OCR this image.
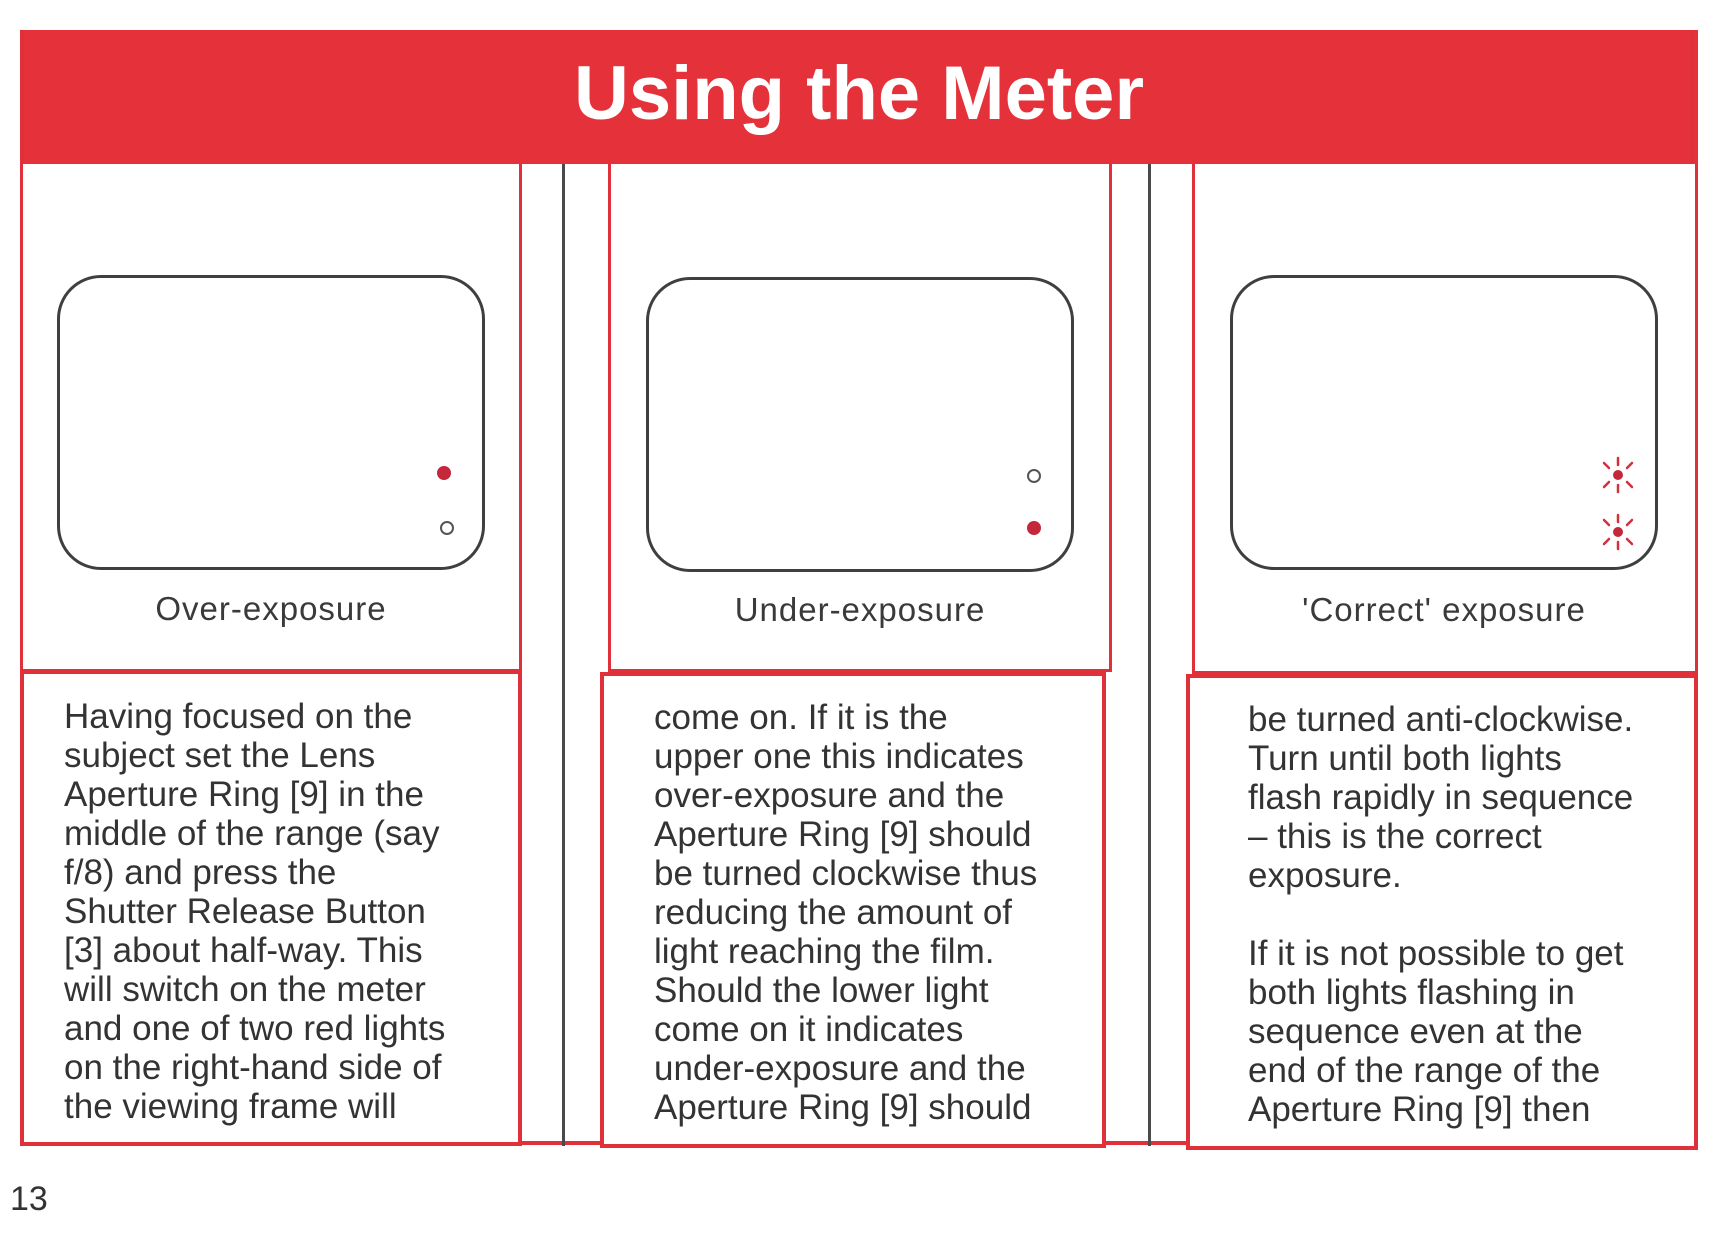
Using the Meter
Over-exposure
Having focused on the
subject set the Lens
Aperture Ring [9] in the
middle of the range (say
f/8) and press the
Shutter Release Button
[3] about half-way. This
will switch on the meter
and one of two red lights
on the right-hand side of
the viewing frame will
Under-exposure
come on. If it is the
upper one this indicates
over-exposure and the
Aperture Ring [9] should
be turned clockwise thus
reducing the amount of
light reaching the film.
Should the lower light
come on it indicates
under-exposure and the
Aperture Ring [9] should
'Correct' exposure
be turned anti-clockwise.
Turn until both lights
flash rapidly in sequence
– this is the correct
exposure.

If it is not possible to get
both lights flashing in
sequence even at the
end of the range of the
Aperture Ring [9] then
13
